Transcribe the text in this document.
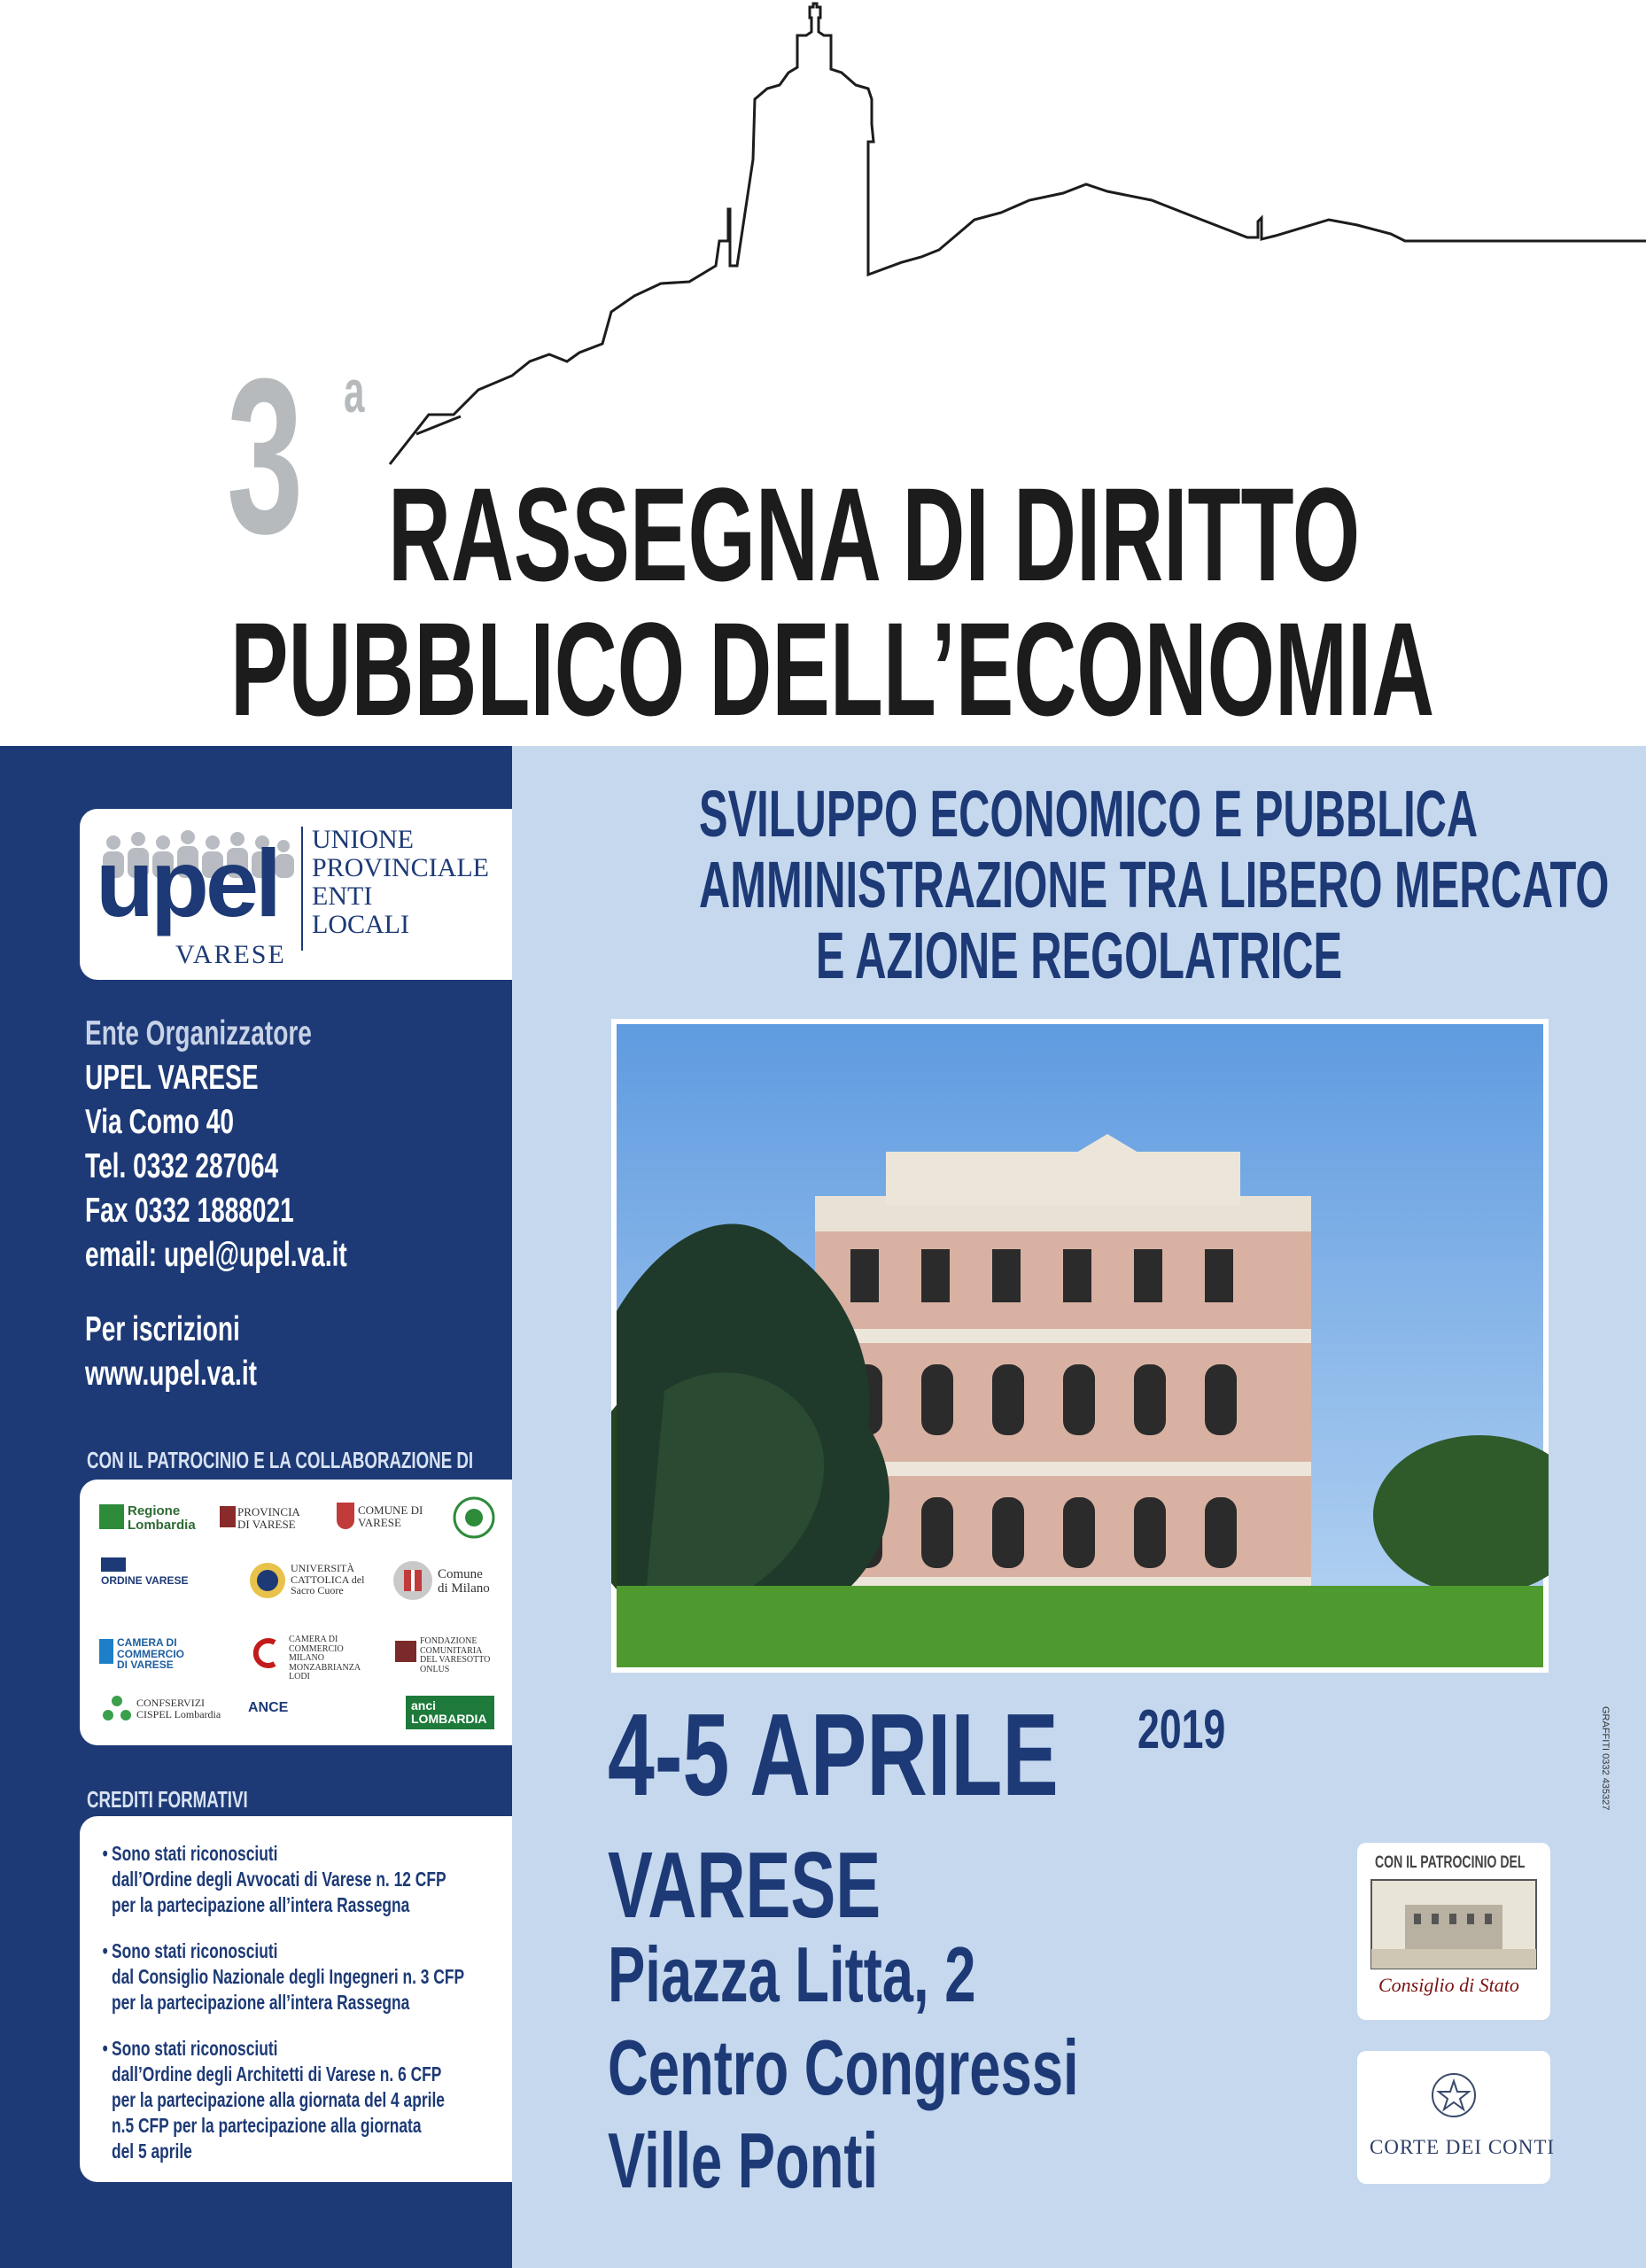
3 a
RASSEGNA DI DIRITTO
PUBBLICO DELL’ECONOMIA
upel
VARESE
UNIONE
PROVINCIALE
ENTI
LOCALI
Ente Organizzatore
UPEL VARESE
Via Como 40
Tel. 0332 287064
Fax 0332 1888021
email: upel@upel.va.it
Per iscrizioni
www.upel.va.it
CON IL PATROCINIO E LA COLLABORAZIONE DI
Regione Lombardia
PROVINCIA DI VARESE
COMUNE DI VARESE
ORDINE VARESE
UNIVERSITÀ CATTOLICA del Sacro Cuore
Comune di Milano
CAMERA DI COMMERCIO DI VARESE
CAMERA DI COMMERCIO MILANO MONZABRIANZA LODI
FONDAZIONE COMUNITARIA DEL VARESOTTO ONLUS
CONFSERVIZI CISPEL Lombardia ANCE	anci LOMBARDIA
CREDITI FORMATIVI
• Sono stati riconosciuti
dall’Ordine degli Avvocati di Varese n. 12 CFP
per la partecipazione all’intera Rassegna
• Sono stati riconosciuti
dal Consiglio Nazionale degli Ingegneri n. 3 CFP
per la partecipazione all’intera Rassegna
• Sono stati riconosciuti
dall’Ordine degli Architetti di Varese n. 6 CFP
per la partecipazione alla giornata del 4 aprile
n.5 CFP per la partecipazione alla giornata
del 5 aprile
SVILUPPO ECONOMICO E PUBBLICA
AMMINISTRAZIONE TRA LIBERO MERCATO
E AZIONE REGOLATRICE
4-5 APRILE 2019
VARESE
Piazza Litta, 2
Centro Congressi
Ville Ponti
GRAFFITI 0332 435327
CON IL PATROCINIO DEL
Consiglio di Stato
CORTE DEI CONTI
